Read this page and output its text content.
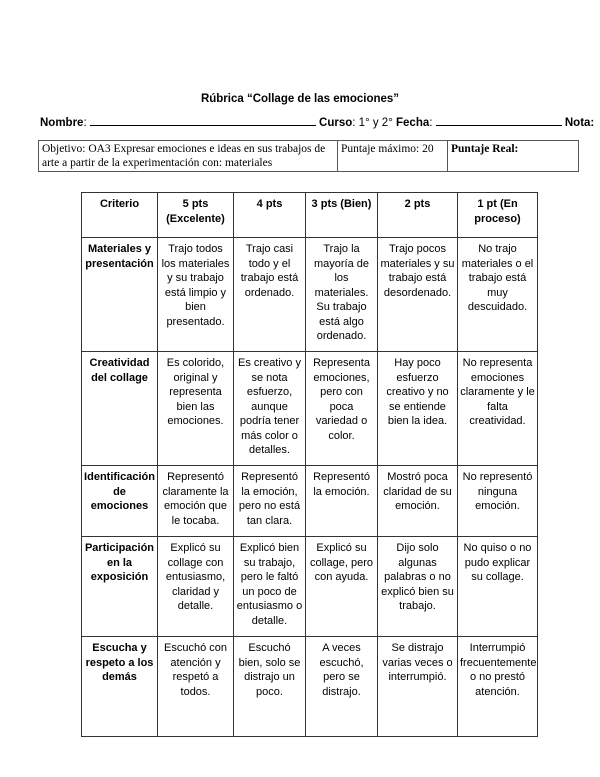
Rúbrica “Collage de las emociones”
Nombre:	Curso: 1° y 2° Fecha:	Nota:
Objetivo: OA3 Expresar emociones e ideas en sus trabajos de arte a partir de la experimentación con: materiales	Puntaje máximo: 20	Puntaje Real:
Criterio	5 pts (Excelente)	4 pts	3 pts (Bien)	2 pts	1 pt (En proceso)
Materiales y presentación	Trajo todos los materiales y su trabajo está limpio y bien presentado.	Trajo casi todo y el trabajo está ordenado.	Trajo la mayoría de los materiales. Su trabajo está algo ordenado.	Trajo pocos materiales y su trabajo está desordenado.	No trajo materiales o el trabajo está muy descuidado.
Creatividad del collage	Es colorido, original y representa bien las emociones.	Es creativo y se nota esfuerzo, aunque podría tener más color o detalles.	Representa emociones, pero con poca variedad o color.	Hay poco esfuerzo creativo y no se entiende bien la idea.	No representa emociones claramente y le falta creatividad.
Identificación de emociones	Representó claramente la emoción que le tocaba.	Representó la emoción, pero no está tan clara.	Representó la emoción.	Mostró poca claridad de su emoción.	No representó ninguna emoción.
Participación en la exposición	Explicó su collage con entusiasmo, claridad y detalle.	Explicó bien su trabajo, pero le faltó un poco de entusiasmo o detalle.	Explicó su collage, pero con ayuda.	Dijo solo algunas palabras o no explicó bien su trabajo.	No quiso o no pudo explicar su collage.
Escucha y respeto a los demás	Escuchó con atención y respetó a todos.	Escuchó bien, solo se distrajo un poco.	A veces escuchó, pero se distrajo.	Se distrajo varias veces o interrumpió.	Interrumpió frecuentemente o no prestó atención.
